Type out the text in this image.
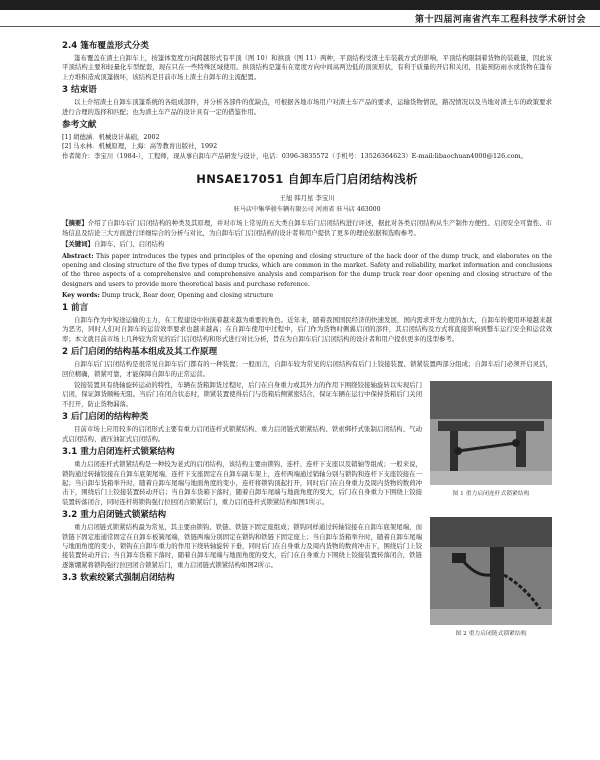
第十四届河南省汽车工程科技学术研讨会
2.4 篷布覆盖形式分类
篷布覆盖在渣土自卸车上，按篷体宽度方向跨越形式有平顶（图 10）和拱顶（图 11）两种，平顶结构受渣土车装载方式的影响，平顶结构限制着货物的装载量，因此该平顶结构主要和轻量化车型配套，现在只在一些特殊区域使用。拱顶结构是篷布在宽度方向中间高两边低的顶顶形状，有利于质量的开启和关闭，且能预防雨水或货物在篷布上方堆积造成顶篷损坏，该结构是目前市场上渣土自卸车的主流配置。
3 结束语
以上介绍渣土自卸车顶篷系统的各组成部件，并分析各部件的优缺点，可根据各地市场用户对渣土车产品的要求，运输货物情况，路况情况以及当地对渣土车的政策要求进行合理的选择和匹配；也为渣土车产品的设计具有一定的借鉴作用。
参考文献
[1] 胡德涵．机械设计基础，2002
[2] 马永林．机械原理，上海：高等教育出版社，1992
作者简介：李宝川（1984-），工程师，现从事自卸车产品研发与设计，电话：0396-3835572（手机号：13526364623）E-mail:libaochuan4000@126.com。
HNSAE17051 自卸车后门启闭结构浅析
王旭 韩月星 李宝川
驻马店中集华骏车辆有限公司 河南省 驻马店 463000
【摘要】介绍了自卸车后门启闭结构的种类及其原理，并对市场上常见的五大类自卸车后门启闭结构进行评述，据此对各类启闭结构从生产制作方便性、启闭安全可靠性、市场信息及结论三大方面进行详细综合的分析与对比，为自卸车后门启闭结构的设计者和用户提供了更多的理论依据和选购参考。
【关键词】自卸车、后门、启闭结构
Abstract: This paper introduces the types and principles of the opening and closing structure of the back door of the dump truck, and elaborates on the opening and closing structure of the five types of dump trucks, which are common in the market. Safety and reliability, market information and conclusions of the three aspects of a comprehensive and comprehensive analysis and comparison for the dump truck rear door opening and closing structure of the designers and users to provide more theoretical basis and purchase reference.
Key words: Dump truck, Rear door, Opening and closing structure
1 前言
自卸车作为中短途运输的主力，在工程建设中扮演着越来越为重要的角色。近年来，随着我国国民经济的快速发展，国内需求开发力度的加大，自卸车的使用环境越来越为恶劣，同时人们对自卸车的运营效率要求也越来越高；在自卸车使用中过程中，后门作为货物时侧翼启闭的部件，其启闭结构及方式将直接影响到整车运行安全和运营效率；本文就目前市场上几种较为常见的后门启闭结构和形式进行对比分析，旨在为自卸车后门启闭结构的设计者和用户提供更多的选型参考。
2 后门启闭的结构基本组成及其工作原理
自卸车后门启闭结构是很常见自卸车后门都有的一种装置；一般而言，自卸车较为常见的启闭结构有后门上铰接装置、锁紧装置两部分组成；自卸车后门必须开启灵活，回位精确，锁紧可靠，才能保障自卸车的正常运营。
铰接装置具有绕轴旋转运动的特性，车辆在货箱卸货过程时，后门在自身重力或其外力的作用下围绕铰接轴旋转以实现后门启闭，保证卸货顺畅无阻。当后门在闭合状态时，锁紧装置使得后门与货箱后侧紧密结合，保证车辆在运行中保持货箱后门关闭不打开，防止货物漏落。
3 后门启闭的结构种类
目前市场上应用较多的启闭形式主要有重力启闭连杆式锁紧结构、重力启闭链式锁紧结构、铁索绑杆式张制启闭结构、气动式启闭结构、液压油缸式启闭结构。
3.1 重力启闭连杆式锁紧结构
重力启闭连杆式锁紧结构是一种较为老式的启闭结构，该结构主要由锁钩、连杆、连杆下支座以及销轴等组成；一般来说，锁钩通过转轴铰接在自卸车底架尾端，连杆下支座固定在自卸车副车架上，连杆两端通过销轴分别与锁钩和连杆下支座铰接在一起；当自卸车货箱举升时，随着自卸车尾端与地面角度的变小，连杆将锁钩顶起打开，同时后门在自身重力及周内货物的数荷冲击下，围绕后门上铰接装置转动开启；当自卸车货箱下落时，随着自卸车尾端与地面角度的变大，后门在自身重力下围绕上铰接装置转落闭合，同时连杆将锁钩强行拉回闭合锁紧后门，重力启闭连杆式锁紧结构如图1所示。
3.2 重力启闭链式锁紧结构
重力启闭链式锁紧结构最为常见，其主要由锁钩、铁链、铁链下固定座组成；锁钩同样通过转轴铰接在自卸车底架尾端，而铁链下固定座通常固定在自卸车板簧尾端，铁链两端分别固定在锁钩和铁链下固定座上；当自卸车货箱举升时，随着自卸车尾端与地面角度的变小，锁钩在自卸车重力的作用下绕转轴旋转下垂，同时后门在自身重力及周内货物的数荷冲击下，围绕后门上铰接装置转动开启；当自卸车货箱下落时，随着自卸车尾端与地面角度的变大，后门在自身重力下围绕上铰接装置转落闭合，铁链逐渐绷紧将锁钩强行拉回闭合锁紧后门，重力启闭链式锁紧结构如图2所示。
3.3 软索绞紧式强制启闭结构
图 1 重力启闭连杆式锁紧结构
图 2 重力启闭链式锁紧结构
